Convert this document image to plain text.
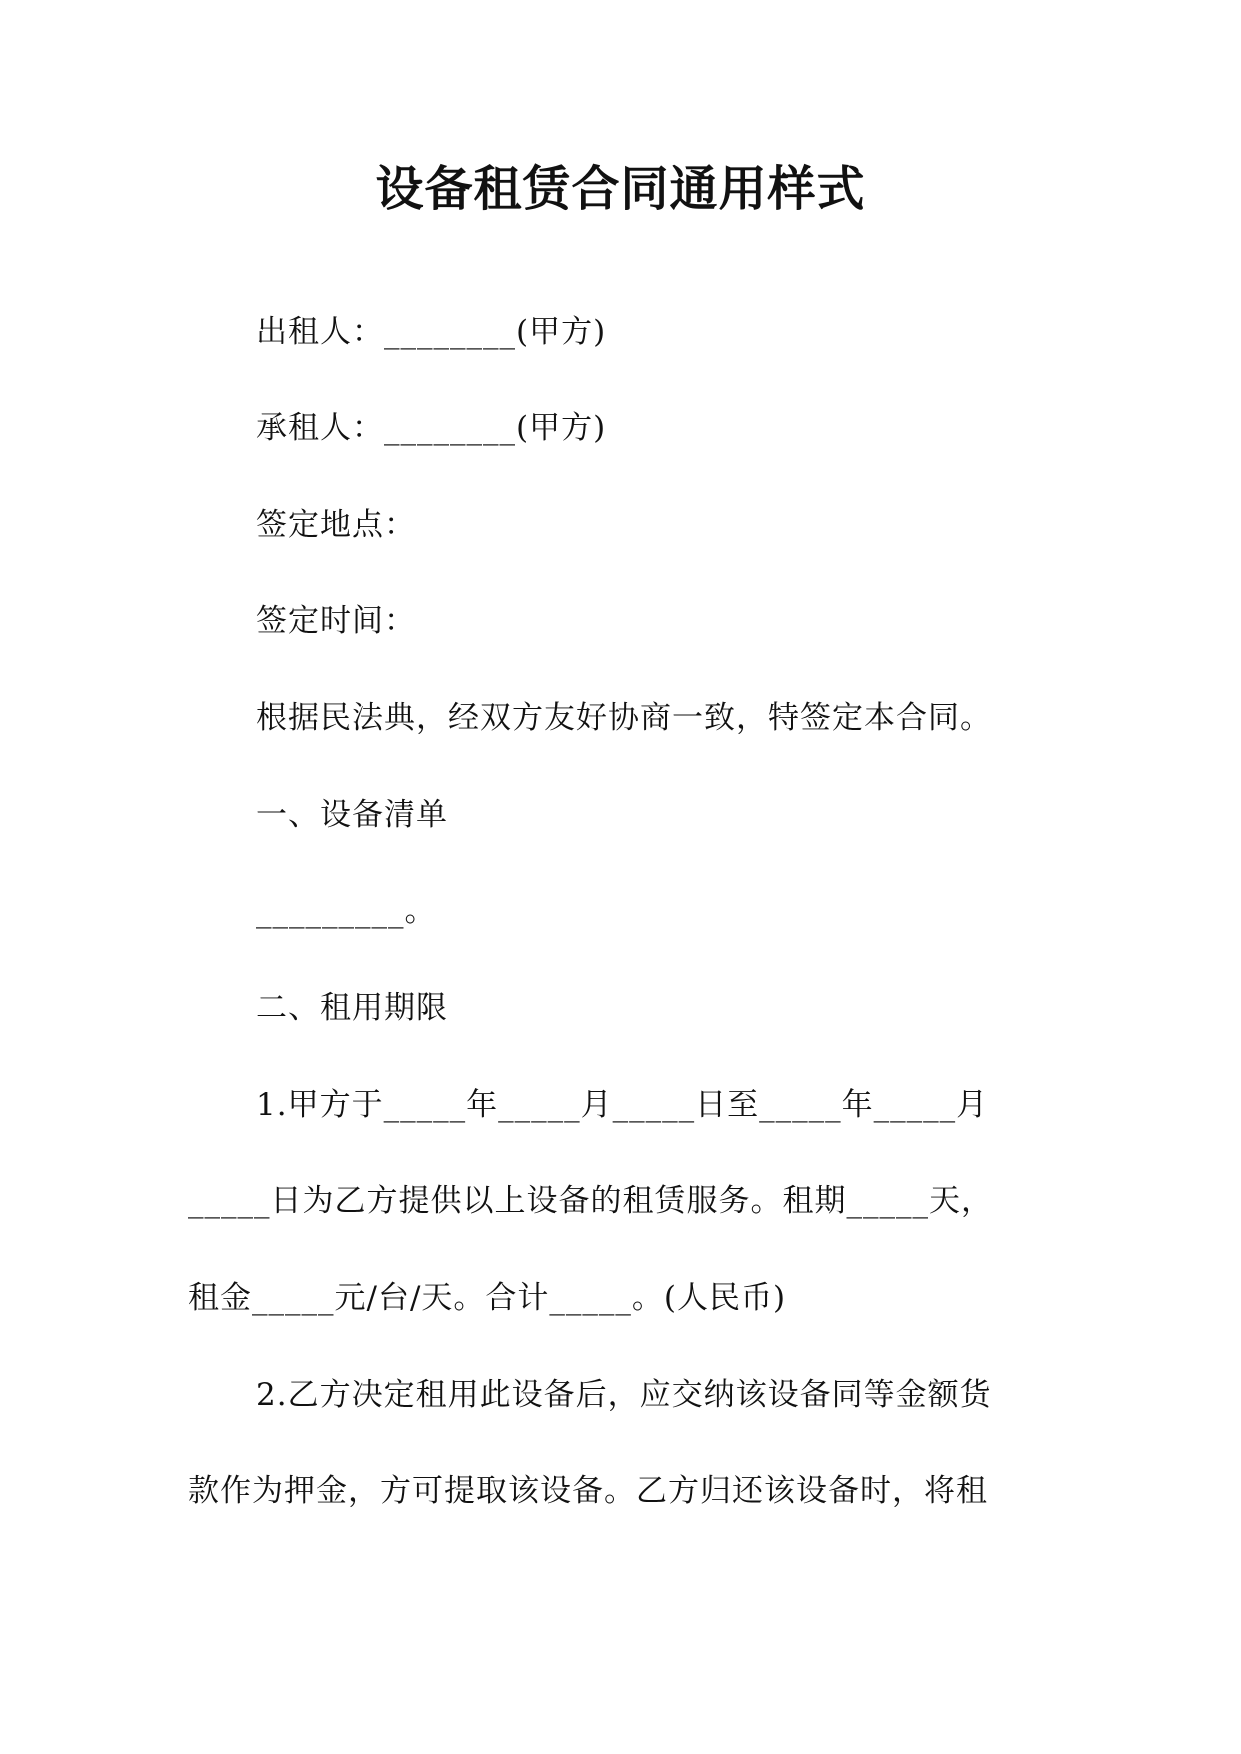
设备租赁合同通用样式
出租人：________(甲方)
承租人：________(甲方)
签定地点：
签定时间：
根据民法典，经双方友好协商一致，特签定本合同。
一、设备清单
_________。
二、租用期限
1.甲方于_____年_____月_____日至_____年_____月
_____日为乙方提供以上设备的租赁服务。租期_____天，
租金_____元/台/天。合计_____。(人民币)
2.乙方决定租用此设备后，应交纳该设备同等金额货
款作为押金，方可提取该设备。乙方归还该设备时，将租
